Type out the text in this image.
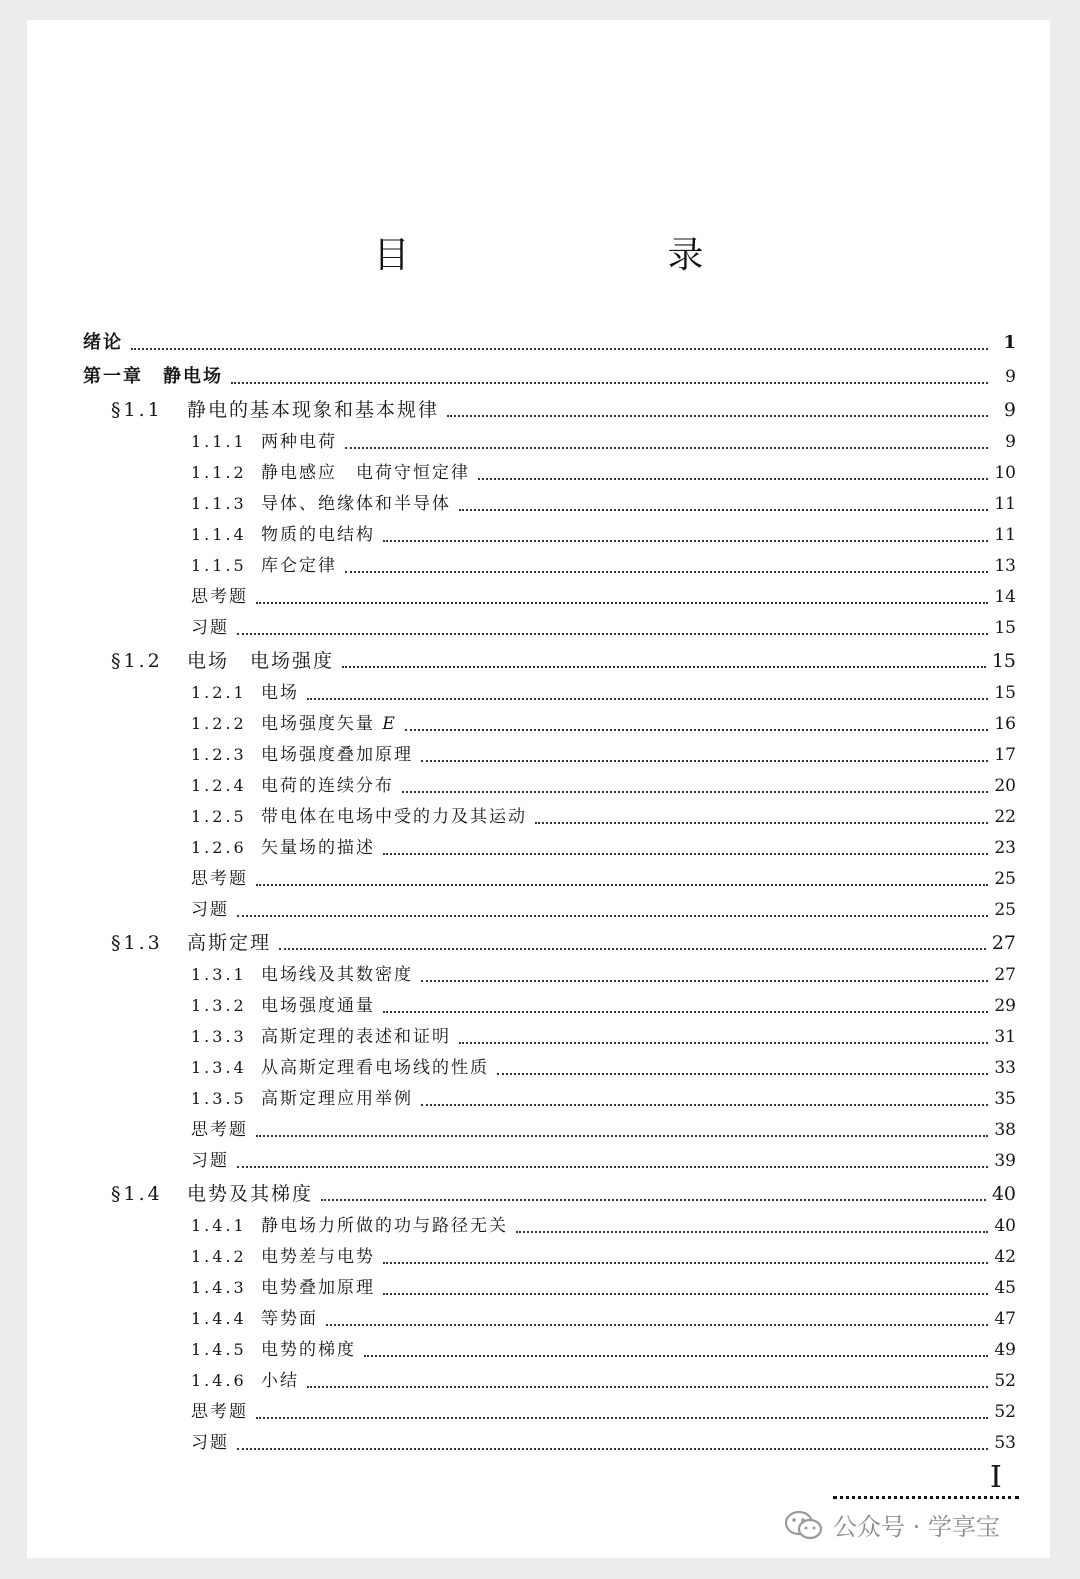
目　　录
绪论	1
第一章　静电场	9
§1.1	静电的基本现象和基本规律	9
1.1.1 两种电荷	9
1.1.2 静电感应　电荷守恒定律	10
1.1.3 导体、绝缘体和半导体	11
1.1.4 物质的电结构	11
1.1.5 库仑定律	13
思考题	14
习题	15
§1.2	电场　电场强度	15
1.2.1 电场	15
1.2.2 电场强度矢量 E	16
1.2.3 电场强度叠加原理	17
1.2.4 电荷的连续分布	20
1.2.5 带电体在电场中受的力及其运动	22
1.2.6 矢量场的描述	23
思考题	25
习题	25
§1.3	高斯定理	27
1.3.1 电场线及其数密度	27
1.3.2 电场强度通量	29
1.3.3 高斯定理的表述和证明	31
1.3.4 从高斯定理看电场线的性质	33
1.3.5 高斯定理应用举例	35
思考题	38
习题	39
§1.4	电势及其梯度	40
1.4.1 静电场力所做的功与路径无关	40
1.4.2 电势差与电势	42
1.4.3 电势叠加原理	45
1.4.4 等势面	47
1.4.5 电势的梯度	49
1.4.6 小结	52
思考题	52
习题	53
I
公众号 · 学享宝
